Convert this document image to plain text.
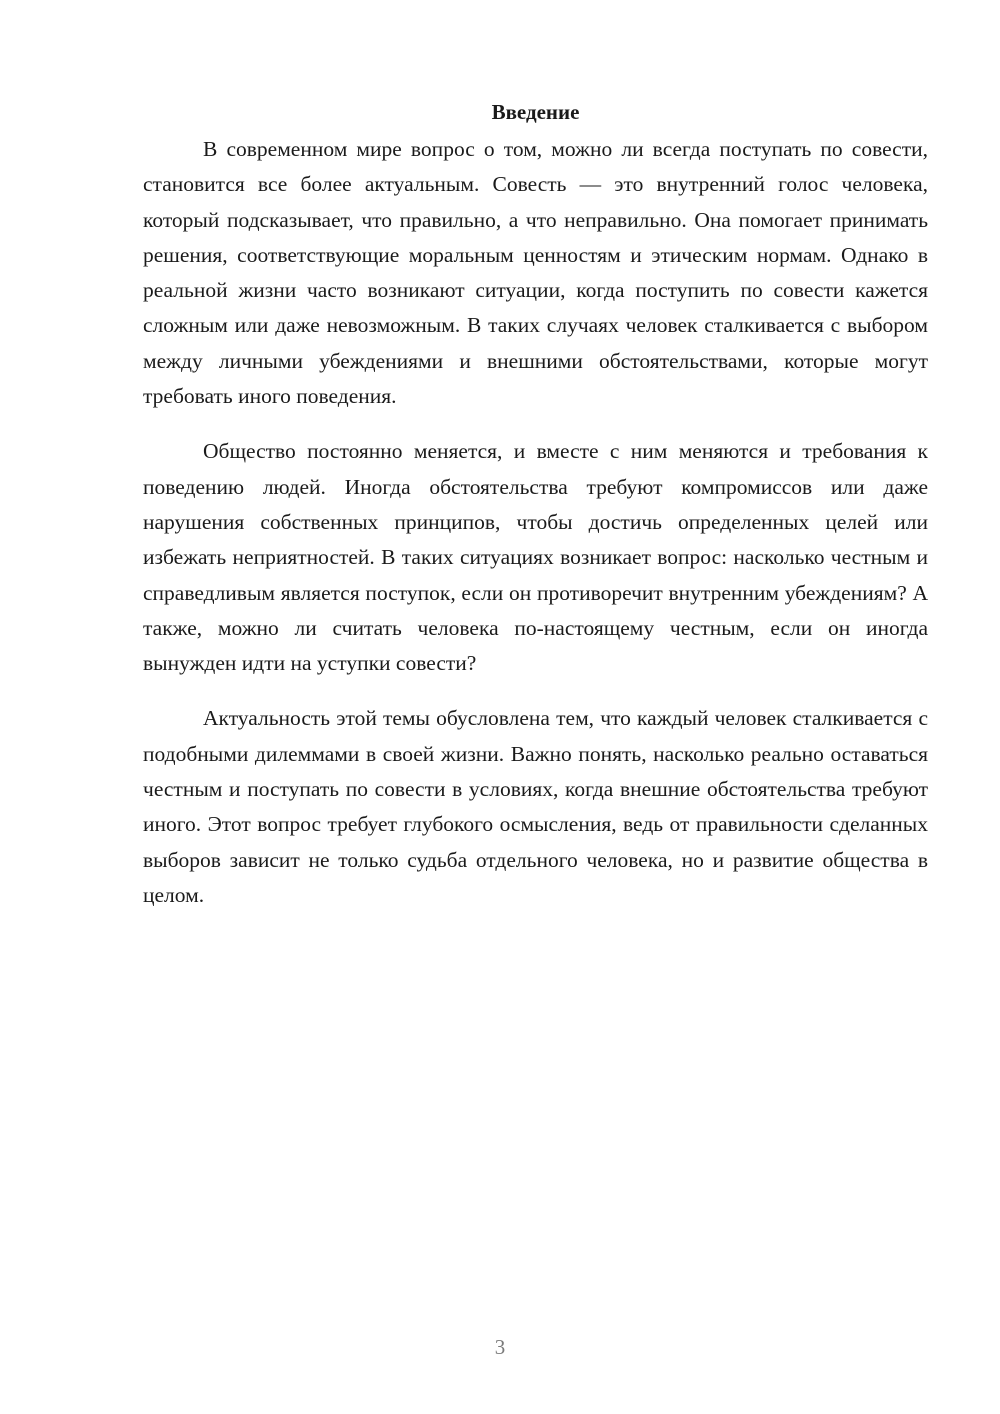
Введение

В современном мире вопрос о том, можно ли всегда поступать по совести, становится все более актуальным. Совесть — это внутренний голос человека, который подсказывает, что правильно, а что неправильно. Она помогает принимать решения, соответствующие моральным ценностям и этическим нормам. Однако в реальной жизни часто возникают ситуации, когда поступить по совести кажется сложным или даже невозможным. В таких случаях человек сталкивается с выбором между личными убеждениями и внешними обстоятельствами, которые могут требовать иного поведения.

Общество постоянно меняется, и вместе с ним меняются и требования к поведению людей. Иногда обстоятельства требуют компромиссов или даже нарушения собственных принципов, чтобы достичь определенных целей или избежать неприятностей. В таких ситуациях возникает вопрос: насколько честным и справедливым является поступок, если он противоречит внутренним убеждениям? А также, можно ли считать человека по-настоящему честным, если он иногда вынужден идти на уступки совести?

Актуальность этой темы обусловлена тем, что каждый человек сталкивается с подобными дилеммами в своей жизни. Важно понять, насколько реально оставаться честным и поступать по совести в условиях, когда внешние обстоятельства требуют иного. Этот вопрос требует глубокого осмысления, ведь от правильности сделанных выборов зависит не только судьба отдельного человека, но и развитие общества в целом.

3
